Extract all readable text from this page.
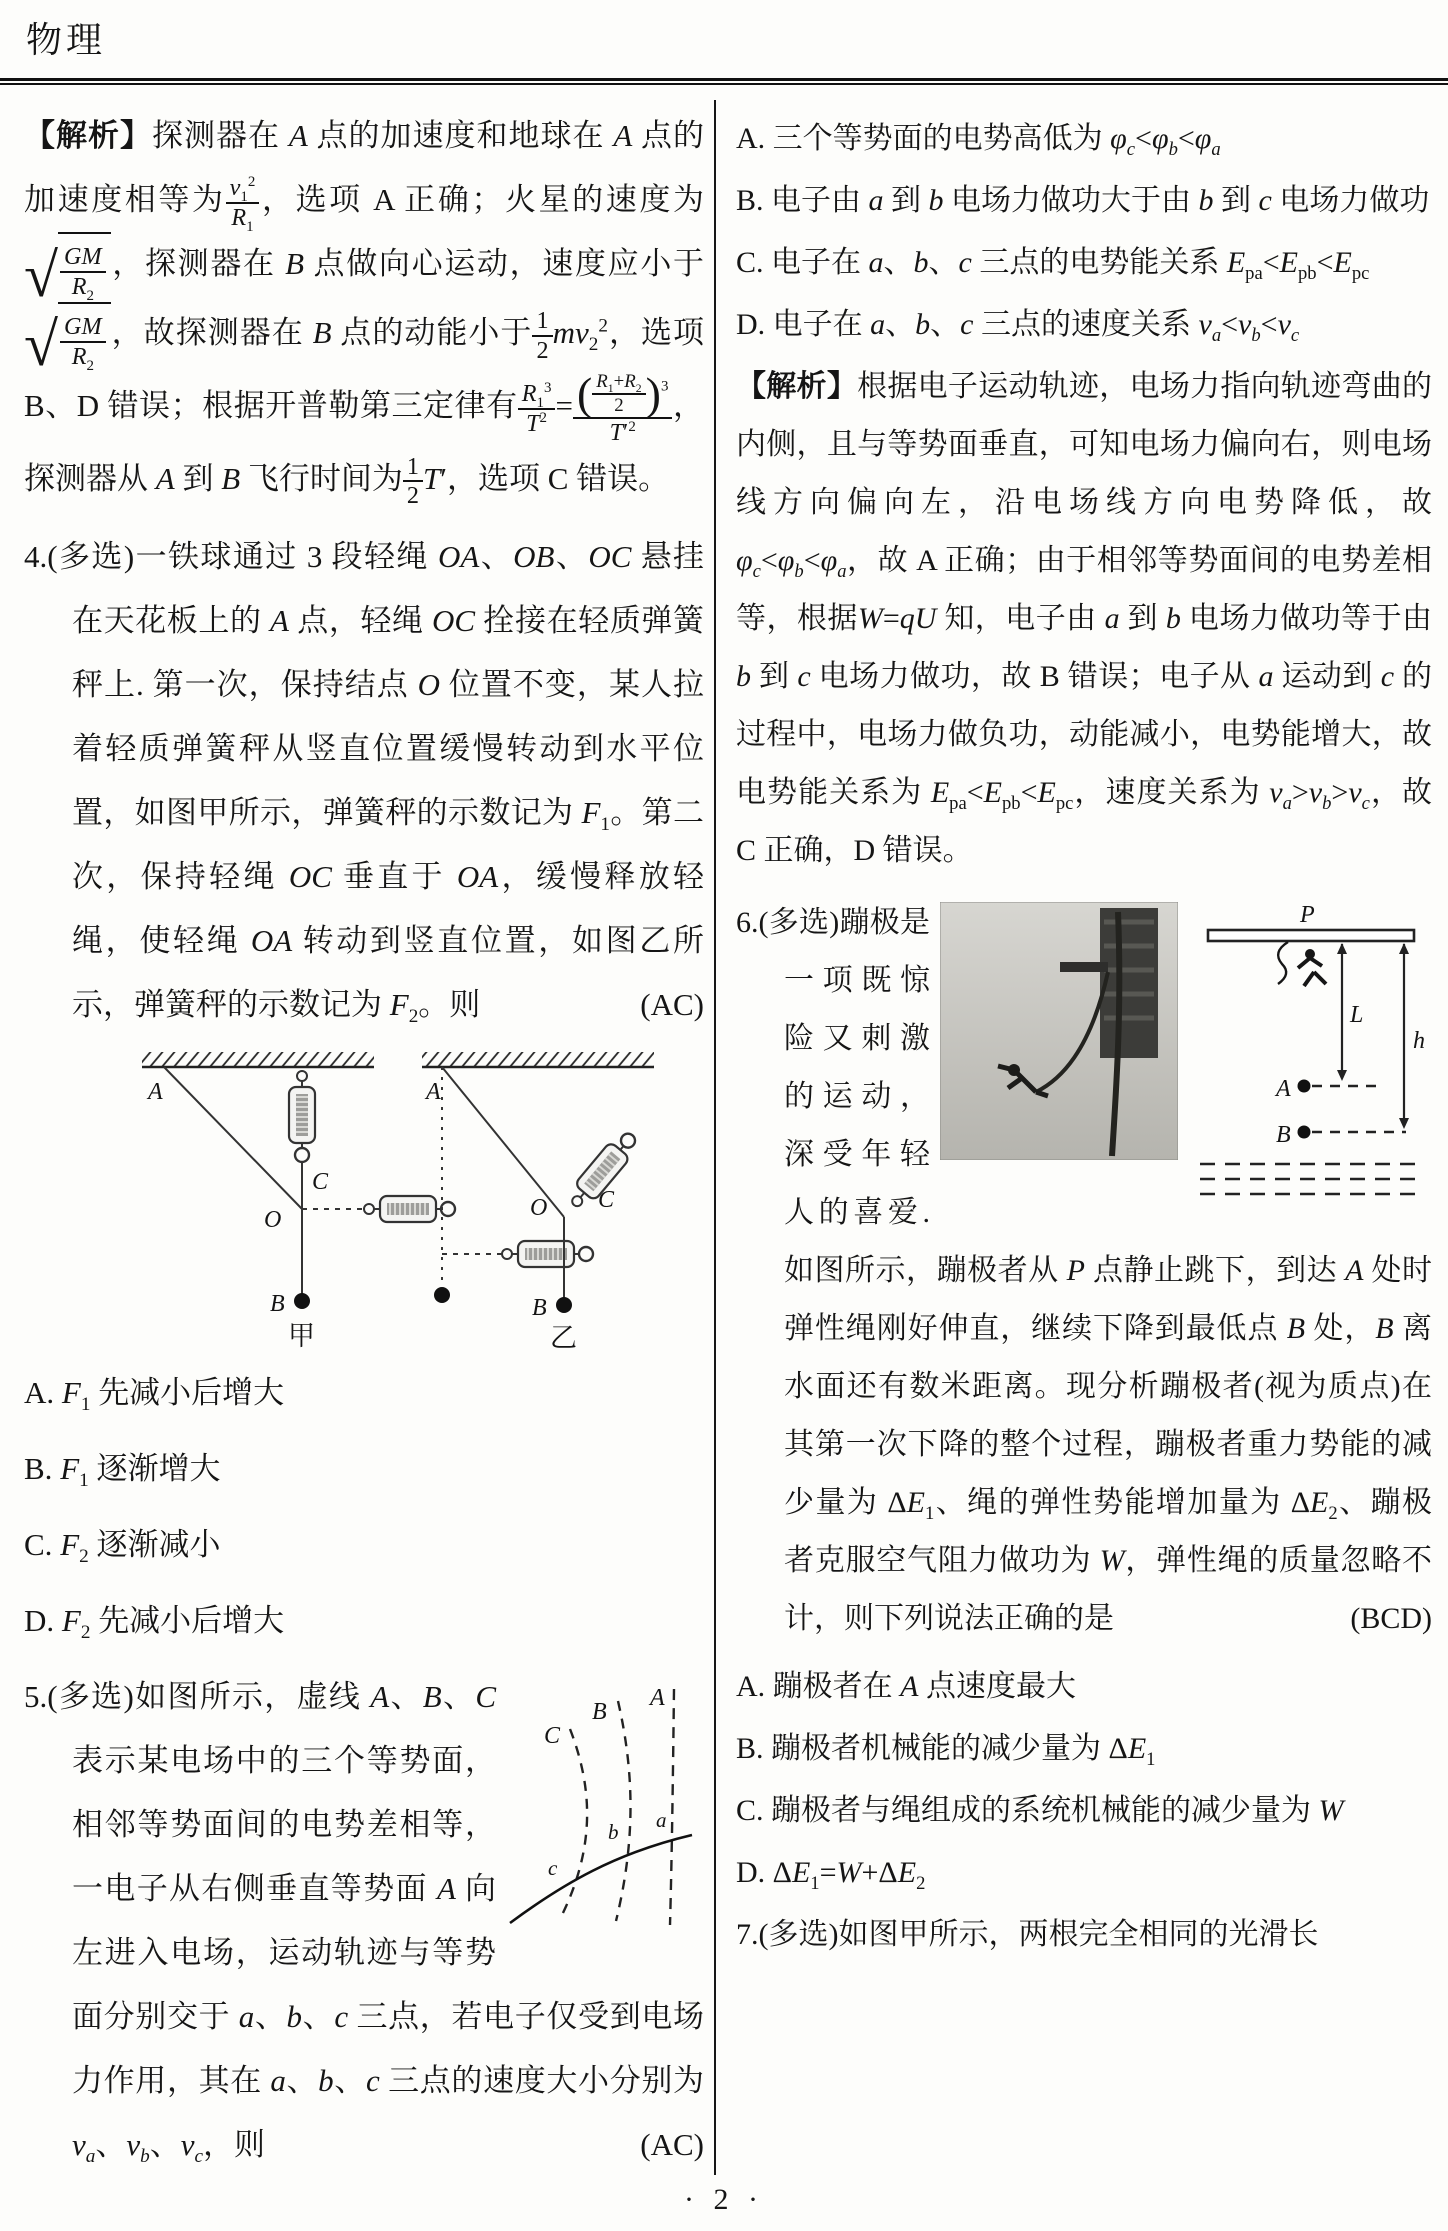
物理
【解析】探测器在 A 点的加速度和地球在 A 点的加速度相等为 $\frac{v_1^2}{R_1}$ ，选项 A 正确；火星的速度为
√ $\frac{GM}{R_2}$ ，探测器在 B 点做向心运动，速度应小于
√ $\frac{GM}{R_2}$ ，故探测器在 B 点的动能小于 $\frac{1}{2} mv_2^2$，选项 B、D 错误；根据开普勒第三定律有 $\frac{R_1^3}{T^2}$ = ( $\frac{R_1+R_2}{2}$
) $^3$
$T'^2$ ，探测器从 A 到 B 飞行时间为 $\frac{1}{2} T'$，选项 C 错误。
4.(多选)一铁球通过 3 段轻绳 OA、OB、OC 悬挂在天花板上的 A 点，轻绳 OC 拴接在轻质弹簧秤上. 第一次，保持结点 O 位置不变，某人拉着轻质弹簧秤从竖直位置缓慢转动到水平位置，如图甲所示，弹簧秤的示数记为 $F_1$。第二次，保持轻绳 OC 垂直于 OA，缓慢释放轻绳，使轻绳 OA 转动到竖直位置，如图乙所示，弹簧秤的示数记为 $F_2$。则	(AC)
A
C
O
B
甲
A
O C
B
乙
A. $F_1$ 先减小后增大
B. $F_1$ 逐渐增大
C. $F_2$ 逐渐减小
D. $F_2$ 先减小后增大
A
B
C
c
b a
5.(多选)如图所示，虚线 A、B、C 表示某电场中的三个等势面，相邻等势面间的电势差相等，一电子从右侧垂直等势面 A 向左进入电场，运动轨迹与等势面分别交于 a、b、c 三点，若电子仅受到电场力作用，其在 a、b、c 三点的速度大小分别为 $v_a$、$v_b$、$v_c$，则	(AC)
A. 三个等势面的电势高低为 $\varphi_c<\varphi_b<\varphi_a$
B. 电子由 a 到 b 电场力做功大于由 b 到 c 电场力做功
C. 电子在 a、b、c 三点的电势能关系 $E_{pa}<E_{pb}<E_{pc}$
D. 电子在 a、b、c 三点的速度关系 $v_a<v_b<v_c$
【解析】根据电子运动轨迹，电场力指向轨迹弯曲的内侧，且与等势面垂直，可知电场力偏向右，则电场线方向偏向左，沿电场线方向电势降低，故 $\varphi_c<\varphi_b<\varphi_a$，故 A 正确；由于相邻等势面间的电势差相等，根据W=qU 知，电子由 a 到 b 电场力做功等于由 b 到 c 电场力做功，故 B 错误；电子从 a 运动到 c 的过程中，电场力做负功，动能减小，电势能增大，故电势能关系为 $E_{pa}<E_{pb}<E_{pc}$，速度关系为 $v_a>v_b>v_c$，故 C 正确，D 错误。
P
L
h
A
B
6.(多选)蹦极是一项既惊险又刺激的运动，深受年轻人的喜爱. 如图所示，蹦极者从 P 点静止跳下，到达 A 处时弹性绳刚好伸直，继续下降到最低点 B 处，B 离水面还有数米距离。现分析蹦极者(视为质点)在其第一次下降的整个过程，蹦极者重力势能的减少量为 $\Delta E_1$、绳的弹性势能增加量为 $\Delta E_2$、蹦极者克服空气阻力做功为 W，弹性绳的质量忽略不计，则下列说法正确的是	(BCD)
A. 蹦极者在 A 点速度最大
B. 蹦极者机械能的减少量为 $\Delta E_1$
C. 蹦极者与绳组成的系统机械能的减少量为 W
D. $\Delta E_1=W+\Delta E_2$
7.(多选)如图甲所示，两根完全相同的光滑长
· 2 ·
